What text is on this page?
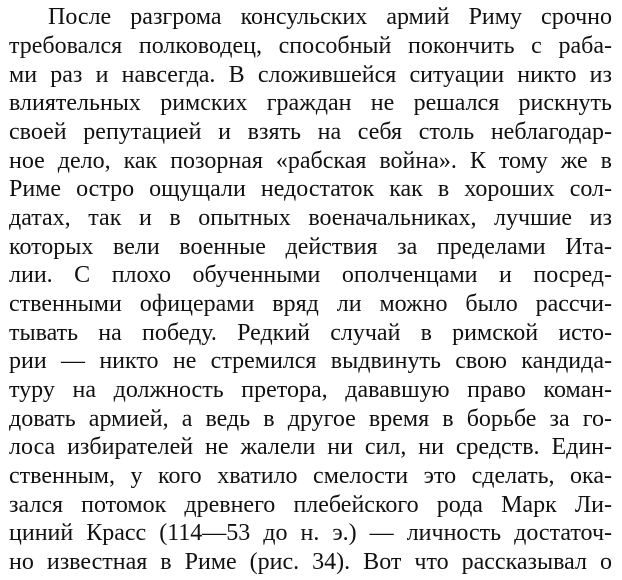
После разгрома консульских армий Риму срочно
требовался полководец, способный покончить с раба-
ми раз и навсегда. В сложившейся ситуации никто из
влиятельных римских граждан не решался рискнуть
своей репутацией и взять на себя столь неблагодар-
ное дело, как позорная «рабская война». К тому же в
Риме остро ощущали недостаток как в хороших сол-
датах, так и в опытных военачальниках, лучшие из
которых вели военные действия за пределами Ита-
лии. С плохо обученными ополченцами и посред-
ственными офицерами вряд ли можно было рассчи-
тывать на победу. Редкий случай в римской исто-
рии — никто не стремился выдвинуть свою кандида-
туру на должность претора, дававшую право коман-
довать армией, а ведь в другое время в борьбе за го-
лоса избирателей не жалели ни сил, ни средств. Един-
ственным, у кого хватило смелости это сделать, ока-
зался потомок древнего плебейского рода Марк Ли-
циний Красс (114—53 до н. э.) — личность достаточ-
но известная в Риме (рис. 34). Вот что рассказывал о
